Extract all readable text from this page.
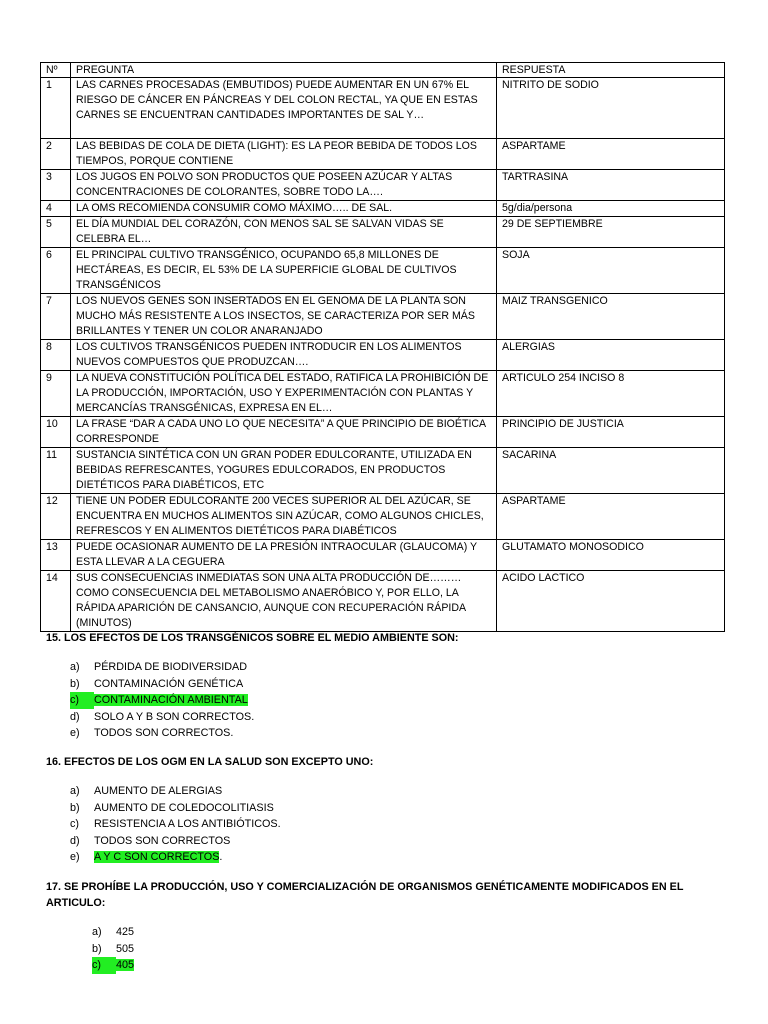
Nº	PREGUNTA	RESPUESTA
1	LAS CARNES PROCESADAS (EMBUTIDOS) PUEDE AUMENTAR EN UN 67% EL RIESGO DE CÁNCER EN PÁNCREAS Y DEL COLON RECTAL, YA QUE EN ESTAS CARNES SE ENCUENTRAN CANTIDADES IMPORTANTES DE SAL Y…	NITRITO DE SODIO
2	LAS BEBIDAS DE COLA DE DIETA (LIGHT): ES LA PEOR BEBIDA DE TODOS LOS TIEMPOS, PORQUE CONTIENE	ASPARTAME
3	LOS JUGOS EN POLVO SON PRODUCTOS QUE POSEEN AZÚCAR Y ALTAS CONCENTRACIONES DE COLORANTES, SOBRE TODO LA….	TARTRASINA
4	LA OMS RECOMIENDA CONSUMIR COMO MÁXIMO….. DE SAL.	5g/dia/persona
5	EL DÍA MUNDIAL DEL CORAZÓN, CON MENOS SAL SE SALVAN VIDAS SE CELEBRA EL…	29 DE SEPTIEMBRE
6	EL PRINCIPAL CULTIVO TRANSGÉNICO, OCUPANDO 65,8 MILLONES DE HECTÁREAS, ES DECIR, EL 53% DE LA SUPERFICIE GLOBAL DE CULTIVOS TRANSGÉNICOS	SOJA
7	LOS NUEVOS GENES SON INSERTADOS EN EL GENOMA DE LA PLANTA SON MUCHO MÁS RESISTENTE A LOS INSECTOS, SE CARACTERIZA POR SER MÁS BRILLANTES Y TENER UN COLOR ANARANJADO	MAIZ TRANSGENICO
8	LOS CULTIVOS TRANSGÉNICOS PUEDEN INTRODUCIR EN LOS ALIMENTOS NUEVOS COMPUESTOS QUE PRODUZCAN….	ALERGIAS
9	LA NUEVA CONSTITUCIÓN POLÍTICA DEL ESTADO, RATIFICA LA PROHIBICIÓN DE LA PRODUCCIÓN, IMPORTACIÓN, USO Y EXPERIMENTACIÓN CON PLANTAS Y MERCANCÍAS TRANSGÉNICAS, EXPRESA EN EL…	ARTICULO 254 INCISO 8
10	LA FRASE “DAR A CADA UNO LO QUE NECESITA” A QUE PRINCIPIO DE BIOÉTICA CORRESPONDE	PRINCIPIO DE JUSTICIA
11	SUSTANCIA SINTÉTICA CON UN GRAN PODER EDULCORANTE, UTILIZADA EN BEBIDAS REFRESCANTES, YOGURES EDULCORADOS, EN PRODUCTOS DIETÉTICOS PARA DIABÉTICOS, ETC	SACARINA
12	TIENE UN PODER EDULCORANTE 200 VECES SUPERIOR AL DEL AZÚCAR, SE ENCUENTRA EN MUCHOS ALIMENTOS SIN AZÚCAR, COMO ALGUNOS CHICLES, REFRESCOS Y EN ALIMENTOS DIETÉTICOS PARA DIABÉTICOS	ASPARTAME
13	PUEDE OCASIONAR AUMENTO DE LA PRESIÓN INTRAOCULAR (GLAUCOMA) Y ESTA LLEVAR A LA CEGUERA	GLUTAMATO MONOSODICO
14	SUS CONSECUENCIAS INMEDIATAS SON UNA ALTA PRODUCCIÓN DE……… COMO CONSECUENCIA DEL METABOLISMO ANAERÓBICO Y, POR ELLO, LA RÁPIDA APARICIÓN DE CANSANCIO, AUNQUE CON RECUPERACIÓN RÁPIDA (MINUTOS)	ACIDO LACTICO

15. LOS EFECTOS DE LOS TRANSGÉNICOS SOBRE EL MEDIO AMBIENTE SON:

a) PÉRDIDA DE BIODIVERSIDAD
b) CONTAMINACIÓN GENÉTICA
c) CONTAMINACIÓN AMBIENTAL
d) SOLO A Y B SON CORRECTOS.
e) TODOS SON CORRECTOS.

16. EFECTOS DE LOS OGM EN LA SALUD SON EXCEPTO UNO:

a) AUMENTO DE ALERGIAS
b) AUMENTO DE COLEDOCOLITIASIS
c) RESISTENCIA A LOS ANTIBIÓTICOS.
d) TODOS SON CORRECTOS
e) A Y C SON CORRECTOS.

17. SE PROHÍBE LA PRODUCCIÓN, USO Y COMERCIALIZACIÓN DE ORGANISMOS GENÉTICAMENTE MODIFICADOS EN EL ARTICULO:

a) 425
b) 505
c) 405
